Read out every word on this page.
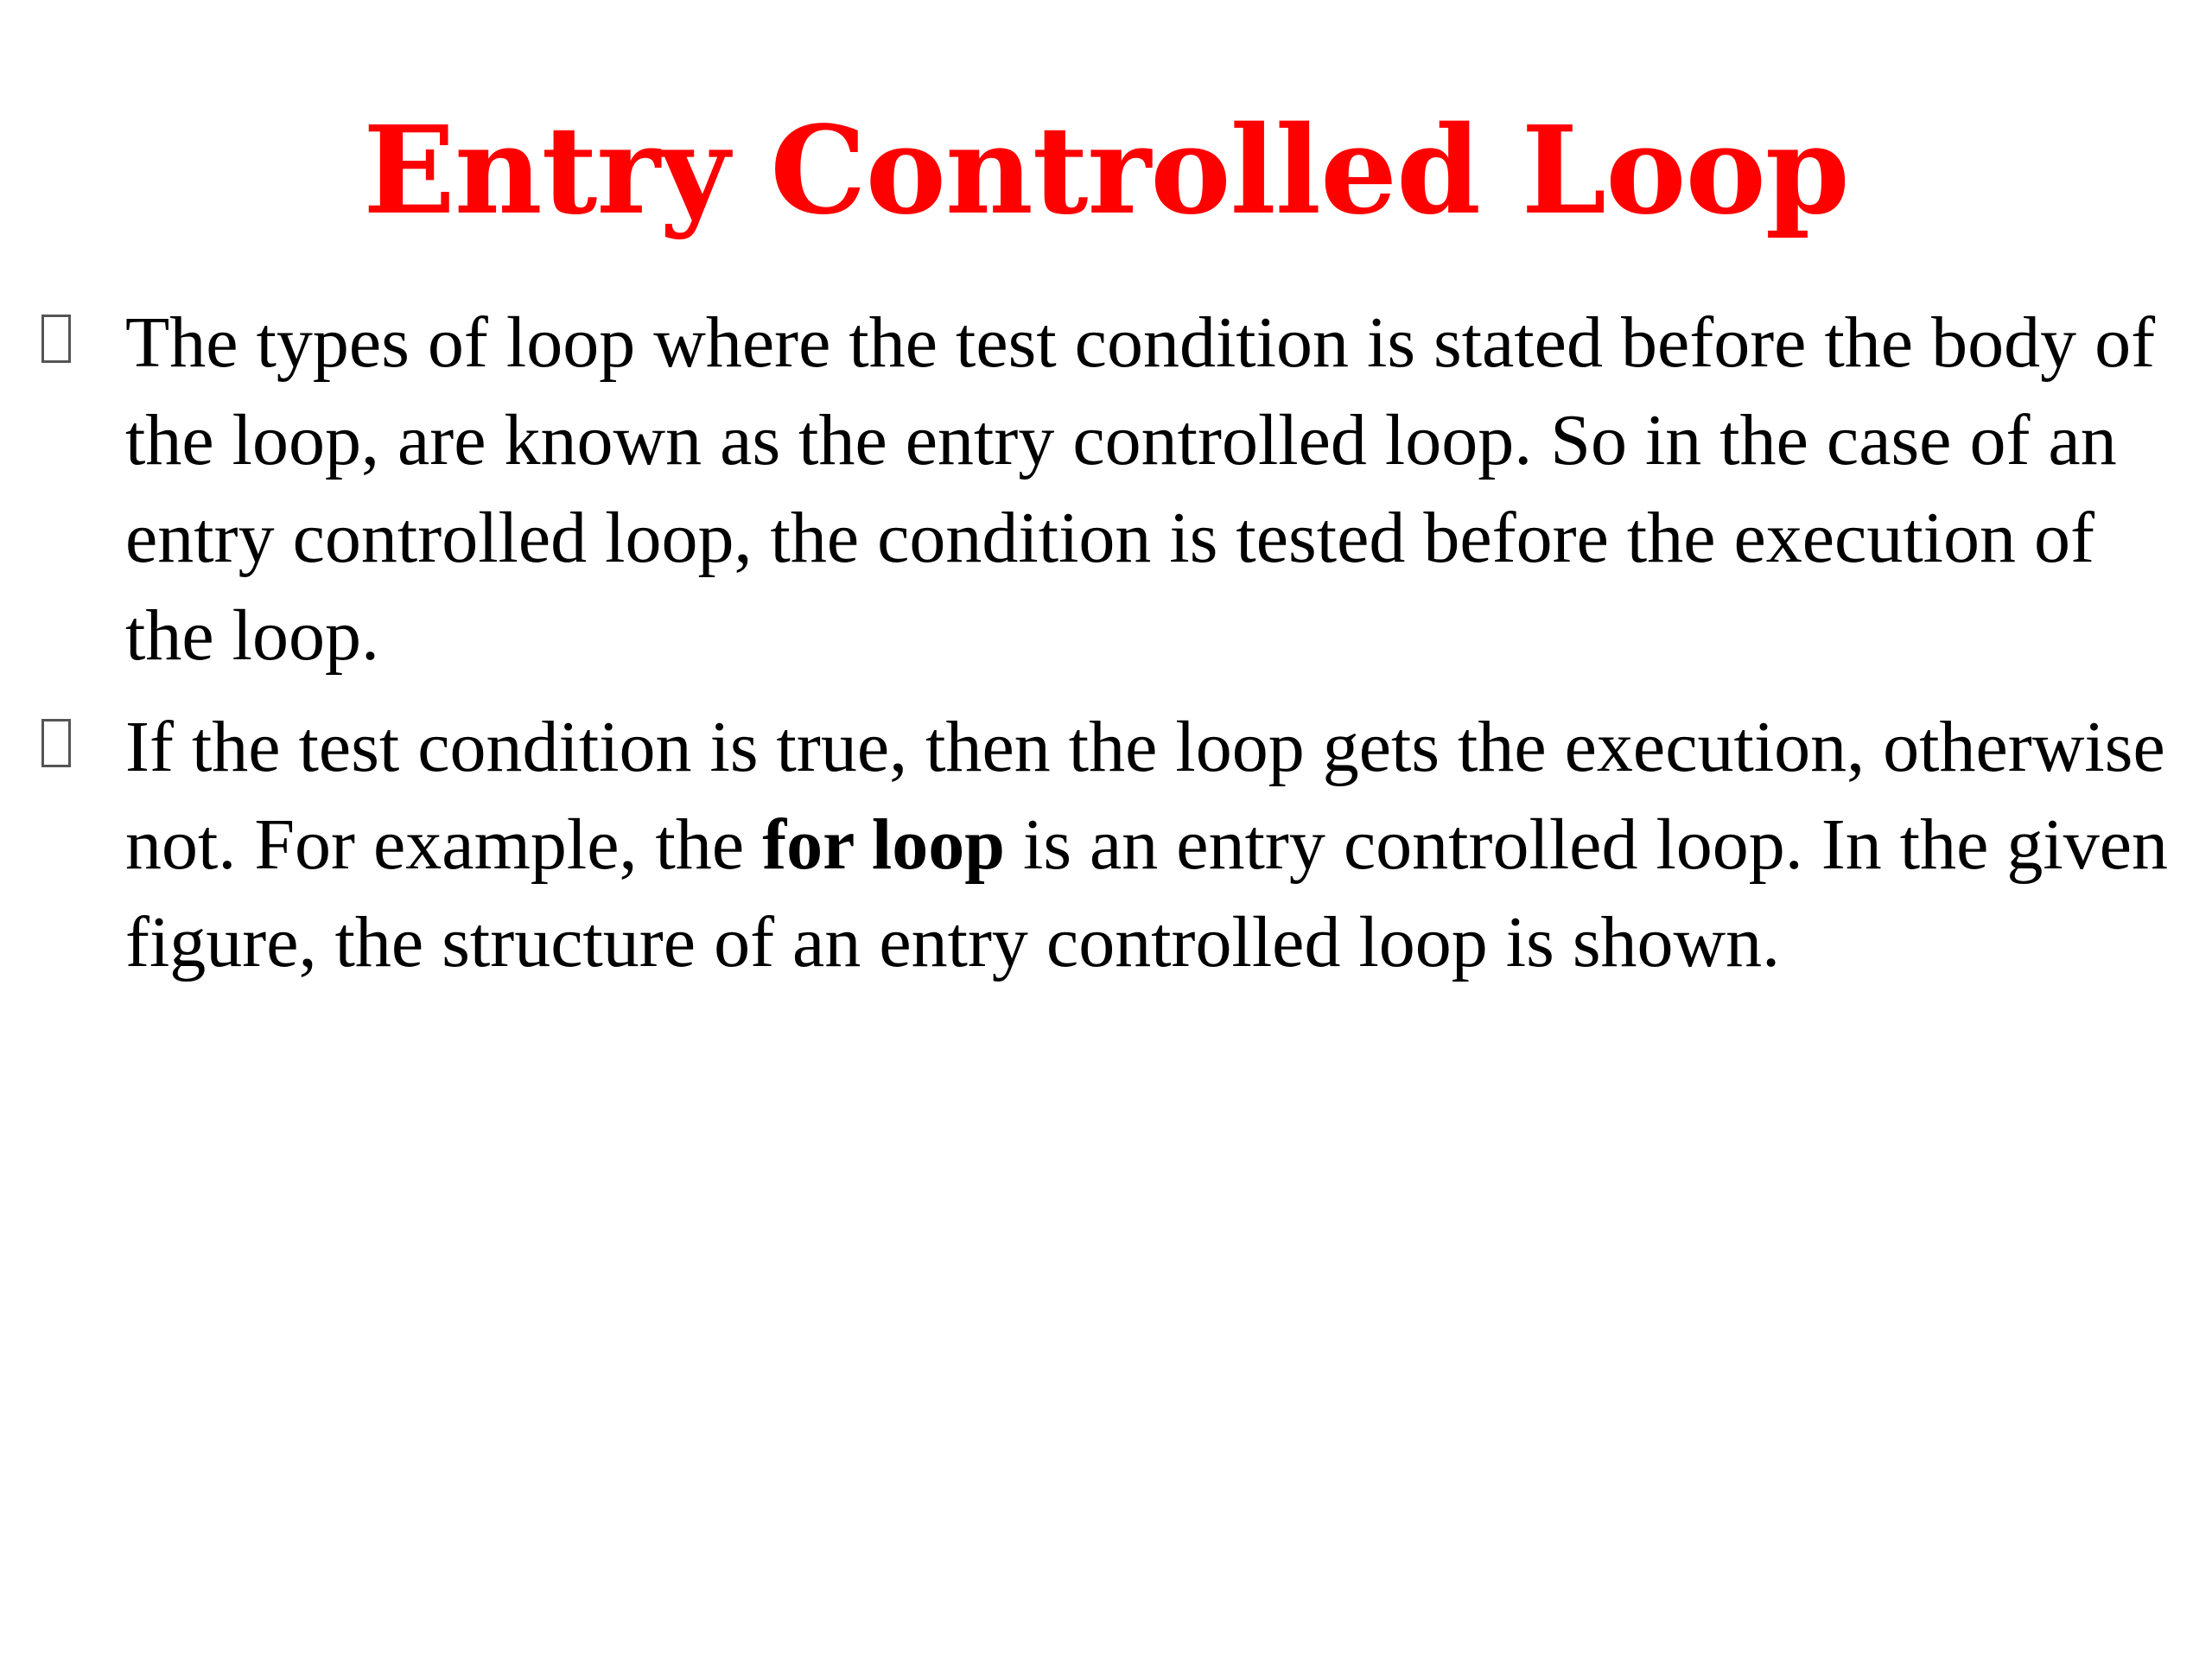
Entry Controlled Loop
The types of loop where the test condition is stated before the body of the loop, are known as the entry controlled loop. So in the case of an entry controlled loop, the condition is tested before the execution of the loop.
If the test condition is true, then the loop gets the execution, otherwise not. For example, the for loop is an entry controlled loop. In the given figure, the structure of an entry controlled loop is shown.
